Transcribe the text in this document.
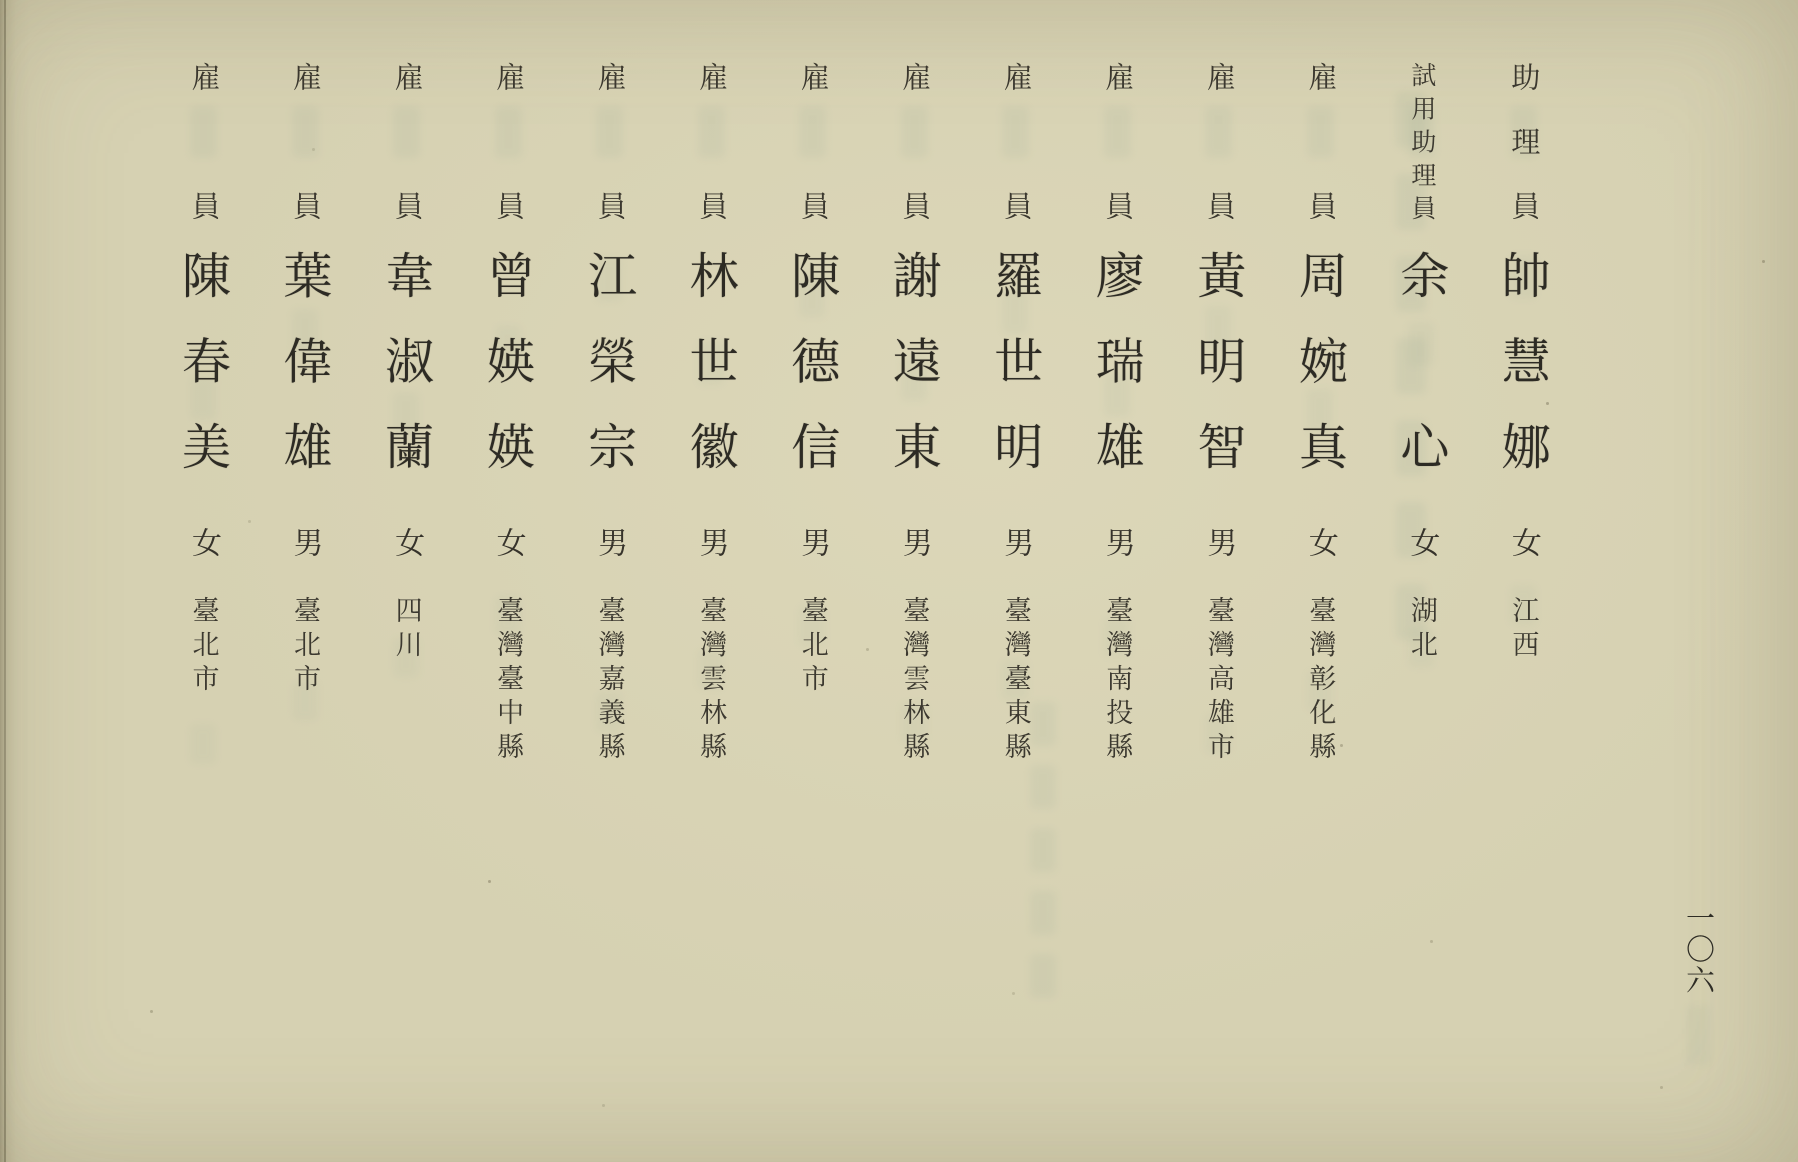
助理員
帥慧娜
女
江西
試用助理員
余心
女
湖北
雇員
周婉真
女
臺灣彰化縣
雇員
黃明智
男
臺灣高雄市
雇員
廖瑞雄
男
臺灣南投縣
雇員
羅世明
男
臺灣臺東縣
雇員
謝遠東
男
臺灣雲林縣
雇員
陳德信
男
臺北市
雇員
林世徽
男
臺灣雲林縣
雇員
江榮宗
男
臺灣嘉義縣
雇員
曾媖媖
女
臺灣臺中縣
雇員
韋淑蘭
女
四川
雇員
葉偉雄
男
臺北市
雇員
陳春美
女
臺北市
一〇六
